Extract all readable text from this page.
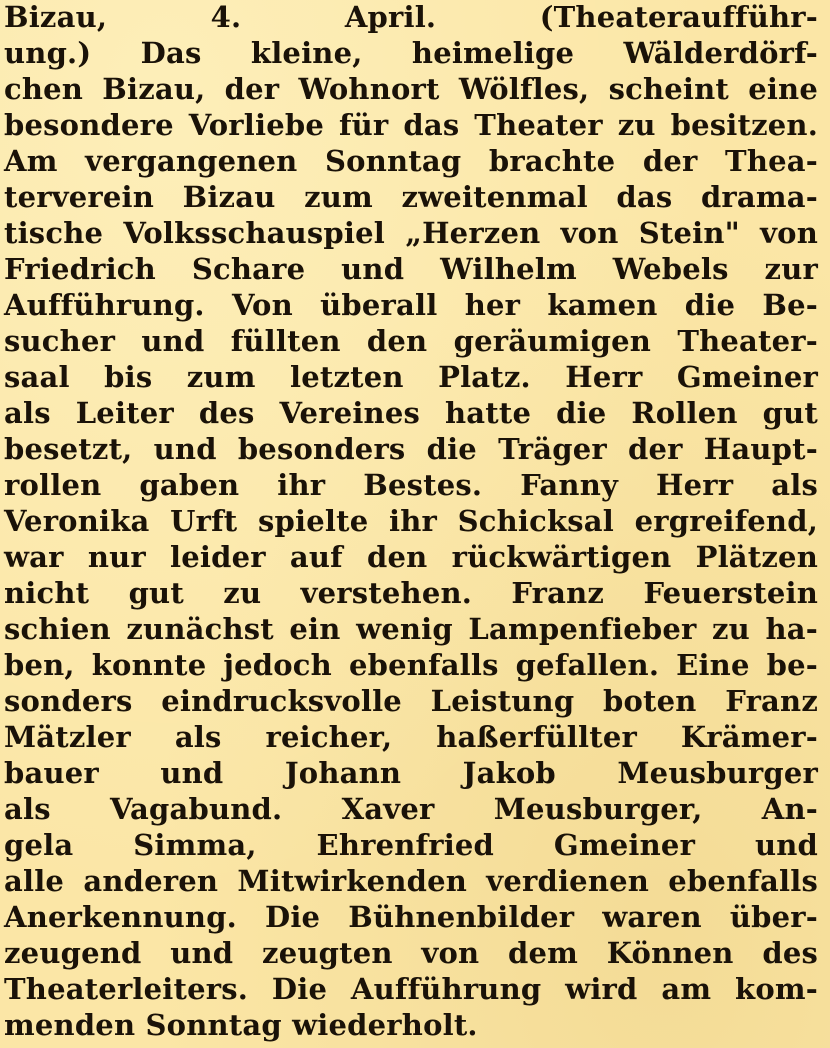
Bizau, 4. April. (Theateraufführ-
ung.) Das kleine, heimelige Wälderdörf-
chen Bizau, der Wohnort Wölfles, scheint eine
besondere Vorliebe für das Theater zu besitzen.
Am vergangenen Sonntag brachte der Thea-
terverein Bizau zum zweitenmal das drama-
tische Volksschauspiel „Herzen von Stein" von
Friedrich Schare und Wilhelm Webels zur
Aufführung. Von überall her kamen die Be-
sucher und füllten den geräumigen Theater-
saal bis zum letzten Platz. Herr Gmeiner
als Leiter des Vereines hatte die Rollen gut
besetzt, und besonders die Träger der Haupt-
rollen gaben ihr Bestes. Fanny Herr als
Veronika Urft spielte ihr Schicksal ergreifend,
war nur leider auf den rückwärtigen Plätzen
nicht gut zu verstehen. Franz Feuerstein
schien zunächst ein wenig Lampenfieber zu ha-
ben, konnte jedoch ebenfalls gefallen. Eine be-
sonders eindrucksvolle Leistung boten Franz
Mätzler als reicher, haßerfüllter Krämer-
bauer und Johann Jakob Meusburger
als Vagabund. Xaver Meusburger, An-
gela Simma, Ehrenfried Gmeiner und
alle anderen Mitwirkenden verdienen ebenfalls
Anerkennung. Die Bühnenbilder waren über-
zeugend und zeugten von dem Können des
Theaterleiters. Die Aufführung wird am kom-
menden Sonntag wiederholt.
